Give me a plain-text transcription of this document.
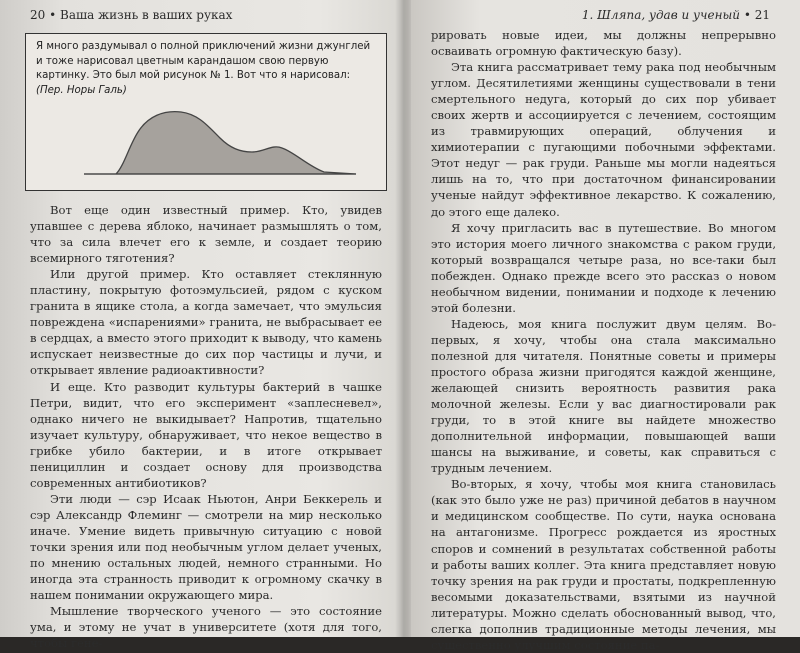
20 • Ваша жизнь в ваших руках
Я много раздумывал о полной приключений жизни джунглей и тоже нарисовал цветным карандашом свою первую картинку. Это был мой рисунок № 1. Вот что я нарисовал: (Пер. Норы Галь)

Вот еще один известный пример. Кто, увидев упавшее с дерева яблоко, начинает размышлять о том, что за сила влечет его к земле, и создает теорию всемирного тяготения?

Или другой пример. Кто оставляет стеклянную пластину, покрытую фотоэмульсией, рядом с куском гранита в ящике стола, а когда замечает, что эмульсия повреждена «испарениями» гранита, не выбрасывает ее в сердцах, а вместо этого приходит к выводу, что камень испускает неизвестные до сих пор частицы и лучи, и открывает явление радиоактивности?

И еще. Кто разводит культуры бактерий в чашке Петри, видит, что его эксперимент «заплесневел», однако ничего не выкидывает? Напротив, тщательно изучает культуру, обнаруживает, что некое вещество в грибке убило бактерии, и в итоге открывает пенициллин и создает основу для производства современных антибиотиков?

Эти люди — сэр Исаак Ньютон, Анри Беккерель и сэр Александр Флеминг — смотрели на мир несколько иначе. Умение видеть привычную ситуацию с новой точки зрения или под необычным углом делает ученых, по мнению остальных людей, немного странными. Но иногда эта странность приводит к огромному скачку в нашем понимании окружающего мира.

Мышление творческого ученого — это состояние ума, и этому не учат в университете (хотя для того, чтобы гене-

1. Шляпа, удав и ученый • 21

рировать новые идеи, мы должны непрерывно осваивать огромную фактическую базу).

Эта книга рассматривает тему рака под необычным углом. Десятилетиями женщины существовали в тени смертельного недуга, который до сих пор убивает своих жертв и ассоциируется с лечением, состоящим из травмирующих операций, облучения и химиотерапии с пугающими побочными эффектами. Этот недуг — рак груди. Раньше мы могли надеяться лишь на то, что при достаточном финансировании ученые найдут эффективное лекарство. К сожалению, до этого еще далеко.

Я хочу пригласить вас в путешествие. Во многом это история моего личного знакомства с раком груди, который возвращался четыре раза, но все-таки был побежден. Однако прежде всего это рассказ о новом необычном видении, понимании и подходе к лечению этой болезни.

Надеюсь, моя книга послужит двум целям. Во-первых, я хочу, чтобы она стала максимально полезной для читателя. Понятные советы и примеры простого образа жизни пригодятся каждой женщине, желающей снизить вероятность развития рака молочной железы. Если у вас диагностировали рак груди, то в этой книге вы найдете множество дополнительной информации, повышающей ваши шансы на выживание, и советы, как справиться с трудным лечением.

Во-вторых, я хочу, чтобы моя книга становилась (как это было уже не раз) причиной дебатов в научном и медицинском сообществе. По сути, наука основана на антагонизме. Прогресс рождается из яростных споров и сомнений в результатах собственной работы и работы ваших коллег. Эта книга представляет новую точку зрения на рак груди и простаты, подкрепленную весомыми доказательствами, взятыми из научной литературы. Можно сделать обоснованный вывод, что, слегка дополнив традиционные методы лечения, мы существенно улучшим состояние па-
